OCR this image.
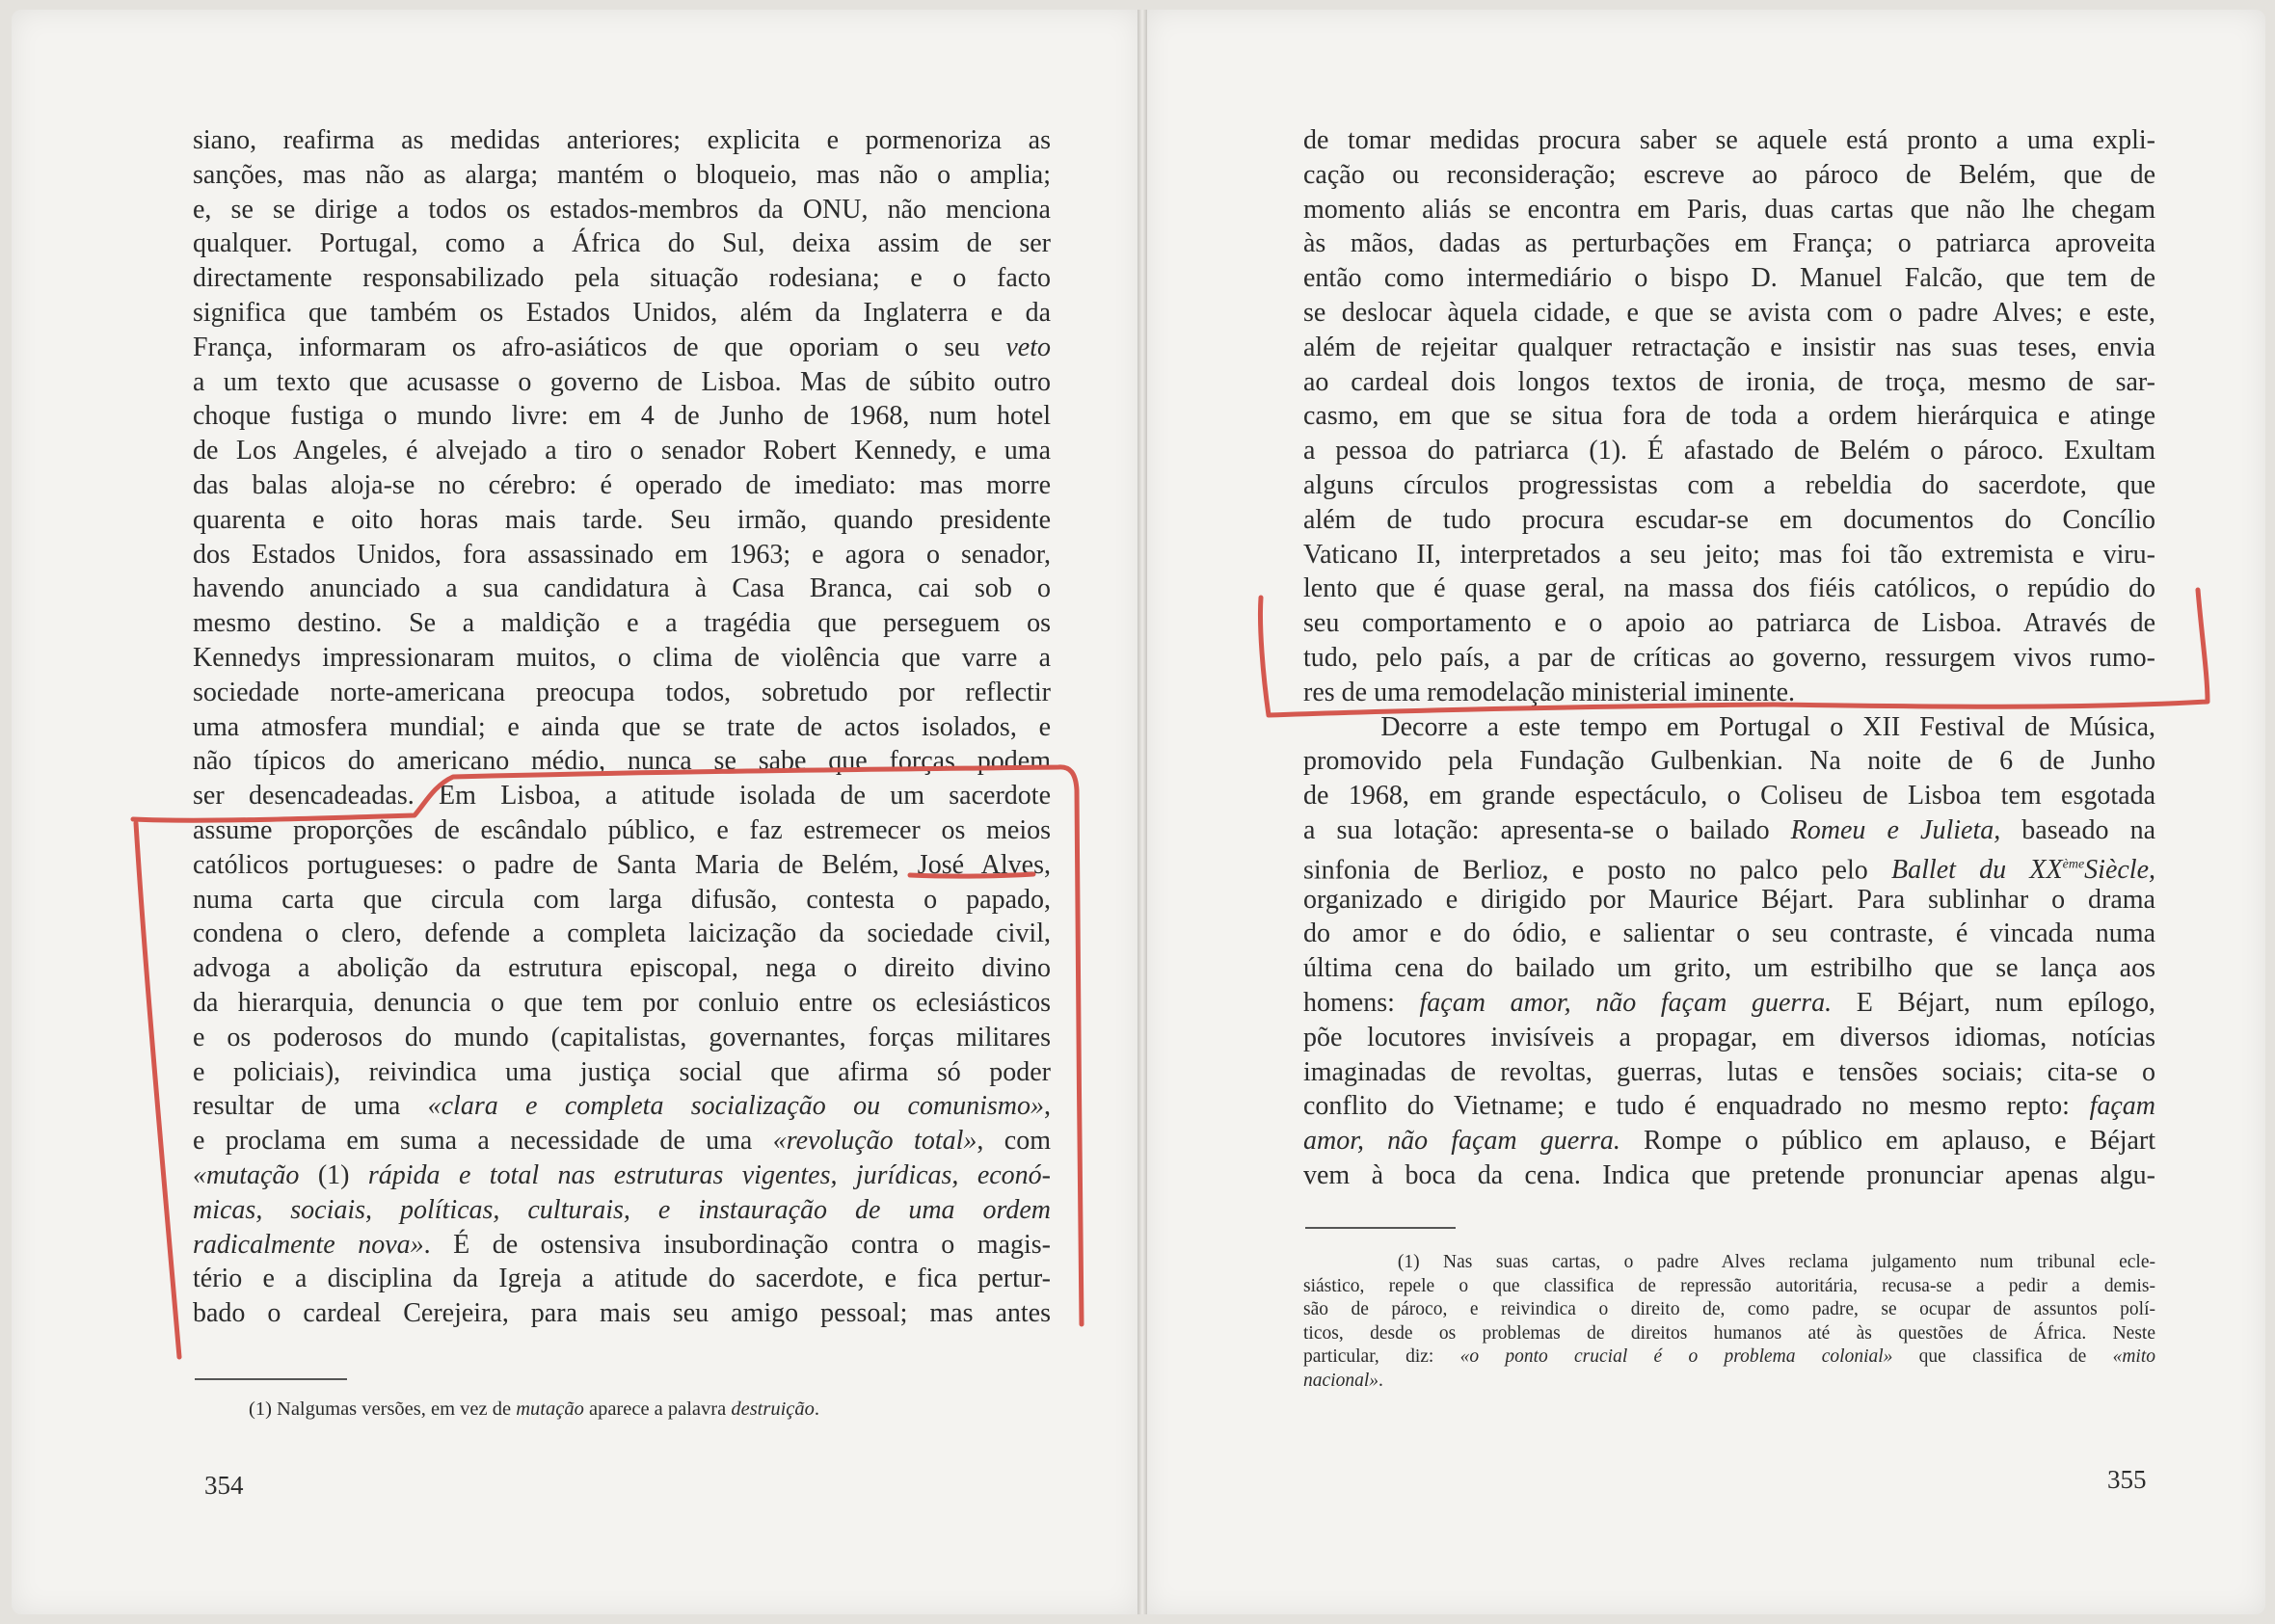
siano, reafirma as medidas anteriores; explicita e pormenoriza as
sanções, mas não as alarga; mantém o bloqueio, mas não o amplia;
e, se se dirige a todos os estados-membros da ONU, não menciona
qualquer. Portugal, como a África do Sul, deixa assim de ser
directamente responsabilizado pela situação rodesiana; e o facto
significa que também os Estados Unidos, além da Inglaterra e da
França, informaram os afro-asiáticos de que oporiam o seu veto
a um texto que acusasse o governo de Lisboa. Mas de súbito outro
choque fustiga o mundo livre: em 4 de Junho de 1968, num hotel
de Los Angeles, é alvejado a tiro o senador Robert Kennedy, e uma
das balas aloja-se no cérebro: é operado de imediato: mas morre
quarenta e oito horas mais tarde. Seu irmão, quando presidente
dos Estados Unidos, fora assassinado em 1963; e agora o senador,
havendo anunciado a sua candidatura à Casa Branca, cai sob o
mesmo destino. Se a maldição e a tragédia que perseguem os
Kennedys impressionaram muitos, o clima de violência que varre a
sociedade norte-americana preocupa todos, sobretudo por reflectir
uma atmosfera mundial; e ainda que se trate de actos isolados, e
não típicos do americano médio, nunca se sabe que forças podem
ser desencadeadas. Em Lisboa, a atitude isolada de um sacerdote
assume proporções de escândalo público, e faz estremecer os meios
católicos portugueses: o padre de Santa Maria de Belém, José Alves,
numa carta que circula com larga difusão, contesta o papado,
condena o clero, defende a completa laicização da sociedade civil,
advoga a abolição da estrutura episcopal, nega o direito divino
da hierarquia, denuncia o que tem por conluio entre os eclesiásticos
e os poderosos do mundo (capitalistas, governantes, forças militares
e policiais), reivindica uma justiça social que afirma só poder
resultar de uma «clara e completa socialização ou comunismo»,
e proclama em suma a necessidade de uma «revolução total», com
«mutação (1) rápida e total nas estruturas vigentes, jurídicas, econó-
micas, sociais, políticas, culturais, e instauração de uma ordem
radicalmente nova». É de ostensiva insubordinação contra o magis-
tério e a disciplina da Igreja a atitude do sacerdote, e fica pertur-
bado o cardeal Cerejeira, para mais seu amigo pessoal; mas antes
(1) Nalgumas versões, em vez de mutação aparece a palavra destruição.
354
de tomar medidas procura saber se aquele está pronto a uma expli-
cação ou reconsideração; escreve ao pároco de Belém, que de
momento aliás se encontra em Paris, duas cartas que não lhe chegam
às mãos, dadas as perturbações em França; o patriarca aproveita
então como intermediário o bispo D. Manuel Falcão, que tem de
se deslocar àquela cidade, e que se avista com o padre Alves; e este,
além de rejeitar qualquer retractação e insistir nas suas teses, envia
ao cardeal dois longos textos de ironia, de troça, mesmo de sar-
casmo, em que se situa fora de toda a ordem hierárquica e atinge
a pessoa do patriarca (1). É afastado de Belém o pároco. Exultam
alguns círculos progressistas com a rebeldia do sacerdote, que
além de tudo procura escudar-se em documentos do Concílio
Vaticano II, interpretados a seu jeito; mas foi tão extremista e viru-
lento que é quase geral, na massa dos fiéis católicos, o repúdio do
seu comportamento e o apoio ao patriarca de Lisboa. Através de
tudo, pelo país, a par de críticas ao governo, ressurgem vivos rumo-
res de uma remodelação ministerial iminente.
Decorre a este tempo em Portugal o XII Festival de Música,
promovido pela Fundação Gulbenkian. Na noite de 6 de Junho
de 1968, em grande espectáculo, o Coliseu de Lisboa tem esgotada
a sua lotação: apresenta-se o bailado Romeu e Julieta, baseado na
sinfonia de Berlioz, e posto no palco pelo Ballet du XXèmeSiècle,
organizado e dirigido por Maurice Béjart. Para sublinhar o drama
do amor e do ódio, e salientar o seu contraste, é vincada numa
última cena do bailado um grito, um estribilho que se lança aos
homens: façam amor, não façam guerra. E Béjart, num epílogo,
põe locutores invisíveis a propagar, em diversos idiomas, notícias
imaginadas de revoltas, guerras, lutas e tensões sociais; cita-se o
conflito do Vietname; e tudo é enquadrado no mesmo repto: façam
amor, não façam guerra. Rompe o público em aplauso, e Béjart
vem à boca da cena. Indica que pretende pronunciar apenas algu-
(1) Nas suas cartas, o padre Alves reclama julgamento num tribunal ecle-
siástico, repele o que classifica de repressão autoritária, recusa-se a pedir a demis-
são de pároco, e reivindica o direito de, como padre, se ocupar de assuntos polí-
ticos, desde os problemas de direitos humanos até às questões de África. Neste
particular, diz: «o ponto crucial é o problema colonial» que classifica de «mito
nacional».
355
